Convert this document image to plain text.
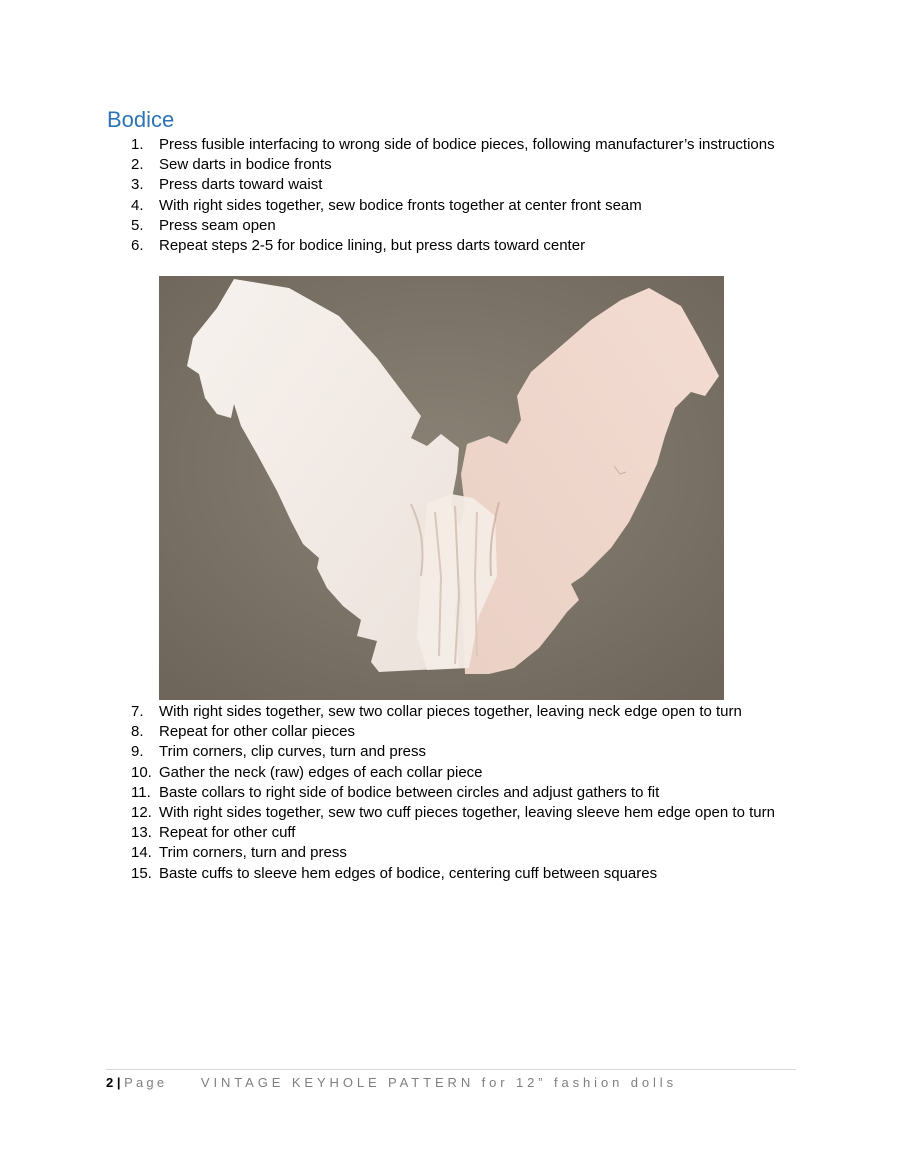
Bodice
1. Press fusible interfacing to wrong side of bodice pieces, following manufacturer’s instructions
2. Sew darts in bodice fronts
3. Press darts toward waist
4. With right sides together, sew bodice fronts together at center front seam
5. Press seam open
6. Repeat steps 2-5 for bodice lining, but press darts toward center
7. With right sides together, sew two collar pieces together, leaving neck edge open to turn
8. Repeat for other collar pieces
9. Trim corners, clip curves, turn and press
10. Gather the neck (raw) edges of each collar piece
11. Baste collars to right side of bodice between circles and adjust gathers to fit
12. With right sides together, sew two cuff pieces together, leaving sleeve hem edge open to turn
13. Repeat for other cuff
14. Trim corners, turn and press
15. Baste cuffs to sleeve hem edges of bodice, centering cuff between squares
2 | Page	VINTAGE KEYHOLE PATTERN for 12” fashion dolls
